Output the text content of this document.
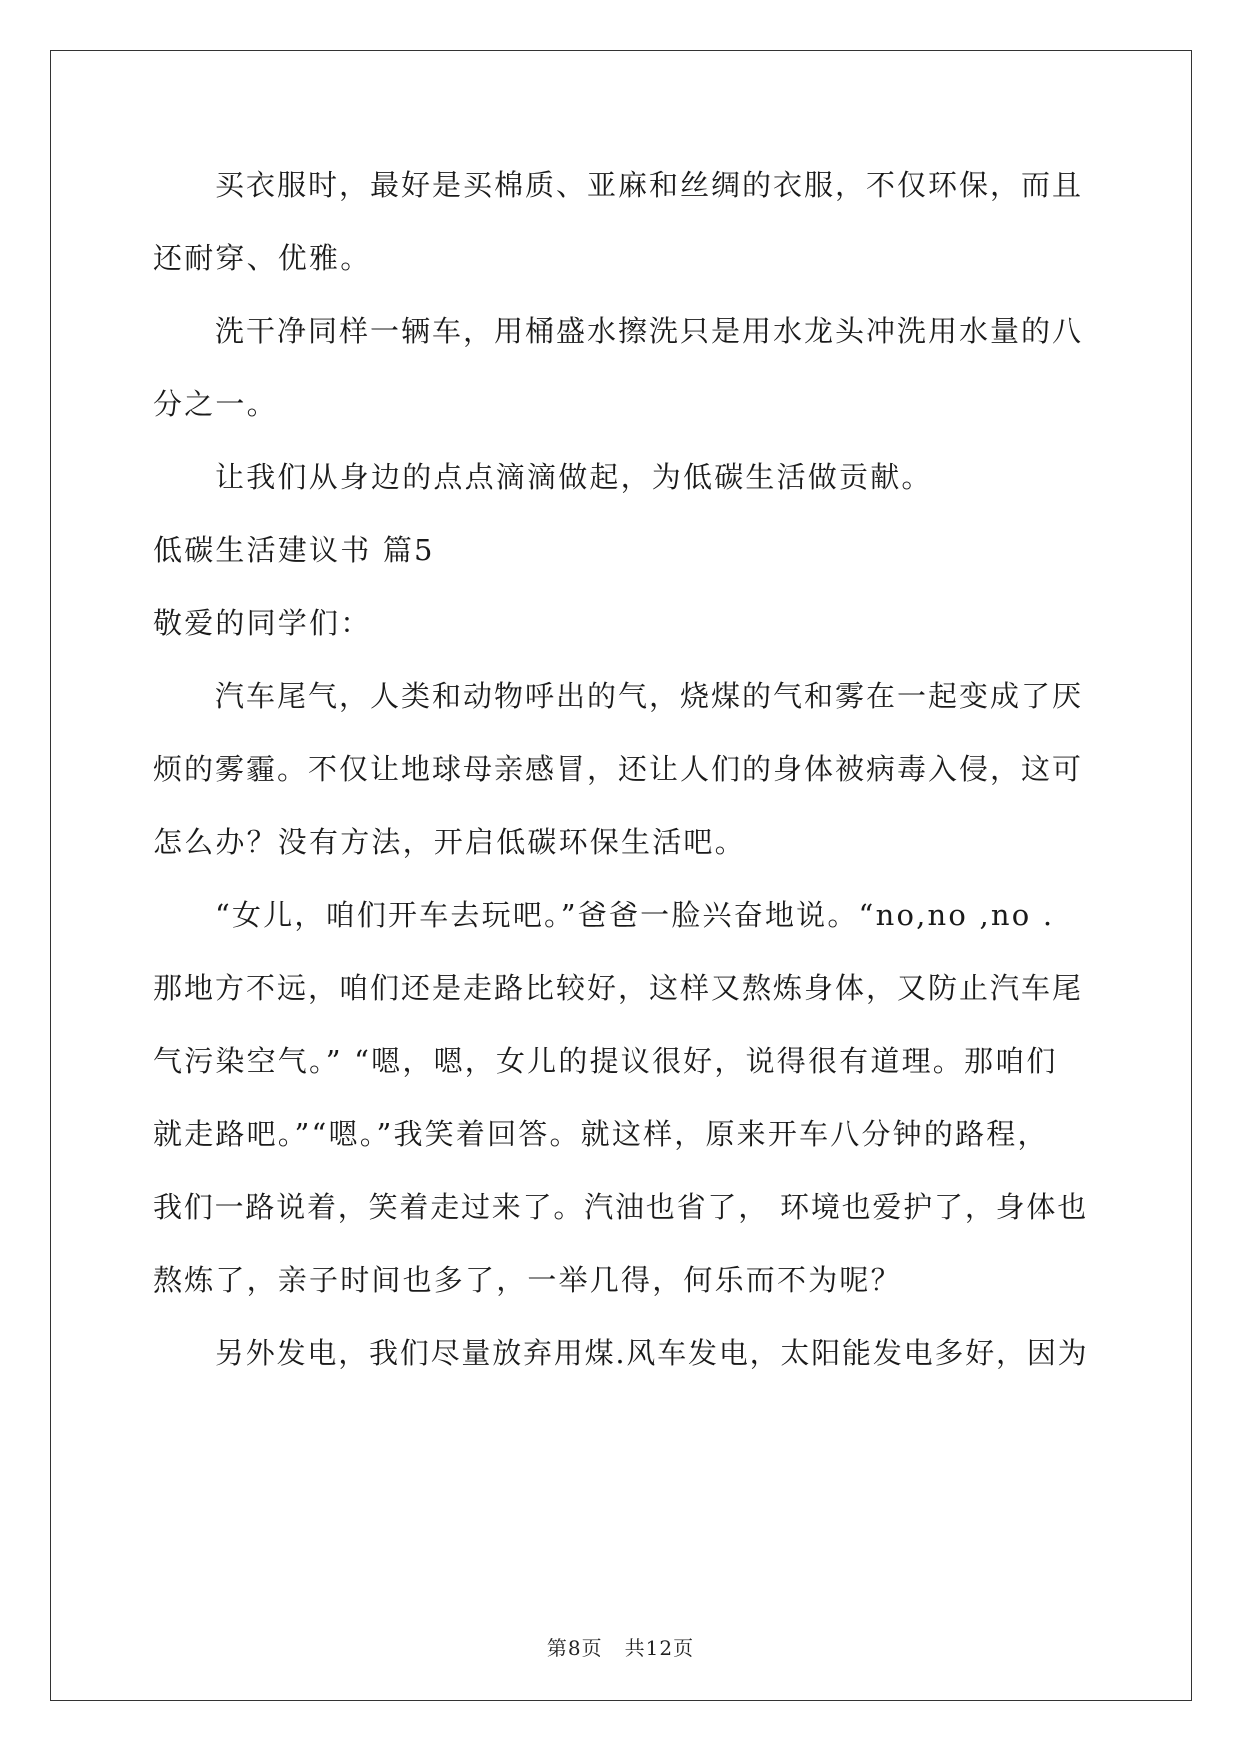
买衣服时，最好是买棉质、亚麻和丝绸的衣服，不仅环保，而且
还耐穿、优雅。
洗干净同样一辆车，用桶盛水擦洗只是用水龙头冲洗用水量的八
分之一。
让我们从身边的点点滴滴做起，为低碳生活做贡献。
低碳生活建议书 篇5
敬爱的同学们：
汽车尾气，人类和动物呼出的气，烧煤的气和雾在一起变成了厌
烦的雾霾。不仅让地球母亲感冒，还让人们的身体被病毒入侵，这可
怎么办？没有方法，开启低碳环保生活吧。
“女儿，咱们开车去玩吧。”爸爸一脸兴奋地说。“no,no ,no .
那地方不远，咱们还是走路比较好，这样又熬炼身体，又防止汽车尾
气污染空气。” “嗯，嗯，女儿的提议很好，说得很有道理。那咱们
就走路吧。”“嗯。”我笑着回答。就这样，原来开车八分钟的路程，
我们一路说着，笑着走过来了。汽油也省了， 环境也爱护了，身体也
熬炼了，亲子时间也多了，一举几得，何乐而不为呢？
另外发电，我们尽量放弃用煤.风车发电，太阳能发电多好，因为
第8页 共12页
